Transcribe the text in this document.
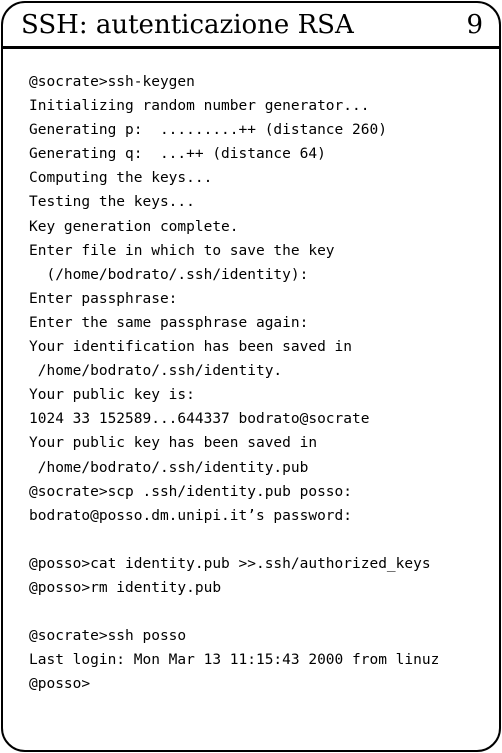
SSH: autenticazione RSA	9
@socrate>ssh-keygen
Initializing random number generator...
Generating p:  .........++ (distance 260)
Generating q:  ...++ (distance 64)
Computing the keys...
Testing the keys...
Key generation complete.
Enter file in which to save the key
(/home/bodrato/.ssh/identity):
Enter passphrase:
Enter the same passphrase again:
Your identification has been saved in
/home/bodrato/.ssh/identity.
Your public key is:
1024 33 152589...644337 bodrato@socrate
Your public key has been saved in
/home/bodrato/.ssh/identity.pub
@socrate>scp .ssh/identity.pub posso:
bodrato@posso.dm.unipi.it’s password:
@posso>cat identity.pub >>.ssh/authorized_keys
@posso>rm identity.pub
@socrate>ssh posso
Last login: Mon Mar 13 11:15:43 2000 from linuz
@posso>
